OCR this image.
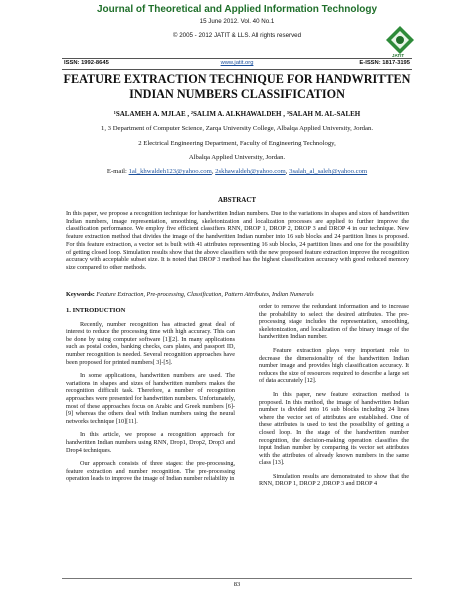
Journal of Theoretical and Applied Information Technology
15 June 2012. Vol. 40 No.1
© 2005 - 2012 JATIT & LLS. All rights reserved
JATIT
ISSN: 1992-8645	www.jatit.org	E-ISSN: 1817-3195
FEATURE EXTRACTION TECHNIQUE FOR HANDWRITTEN
INDIAN NUMBERS CLASSIFICATION
¹SALAMEH A. MJLAE , ²SALIM A. ALKHAWALDEH , ³SALAH M. AL-SALEH
1, 3 Department of Computer Science, Zarqa University College, Albalqa Applied University, Jordan.
2 Electrical Engineering Department, Faculty of Engineering Technology,
Albalqa Applied University, Jordan.
E-mail: 1al_khwaldeh123@yahoo.com, 2skhawaldeh@yahoo.com, 3salah_al_saleh@yahoo.com
ABSTRACT
In this paper, we propose a recognition technique for handwritten Indian numbers. Due to the variations in shapes and sizes of handwritten Indian numbers, image representation, smoothing, skeletonization and localization processes are applied to further improve the classification performance. We employ five efficient classifiers RNN, DROP 1, DROP 2, DROP 3 and DROP 4 in our technique. New feature extraction method that divides the image of the handwritten Indian number into 16 sub blocks and 24 partition lines is proposed. For this feature extraction, a vector set is built with 41 attributes representing 16 sub blocks, 24 partition lines and one for the possibility of getting closed loop. Simulation results show that the above classifiers with the new proposed feature extraction improve the recognition accuracy with acceptable subset size. It is noted that DROP 3 method has the highest classification accuracy with good reduced memory size compared to other methods.
Keywords: Feature Extraction, Pre-processing, Classification, Pattern Attributes, Indian Numerals
1. INTRODUCTION

Recently, number recognition has attracted great deal of interest to reduce the processing time with high accuracy. This can be done by using computer software [1][2]. In many applications such as postal codes, banking checks, cars plates, and passport ID, number recognition is needed. Several recognition approaches have been proposed for printed numbers[ 3]-[5].

In some applications, handwritten numbers are used. The variations in shapes and sizes of handwritten numbers makes the recognition difficult task. Therefore, a number of recognition approaches were presented for handwritten numbers. Unfortunately, most of these approaches focus on Arabic and Greek numbers [6]-[9] whereas the others deal with Indian numbers using the neural networks technique [10][11].

In this article, we propose a recognition approach for handwritten Indian numbers using RNN, Drop1, Drop2, Drop3 and Drop4 techniques.

Our approach consists of three stages: the pre-processing, feature extraction and number recognition. The pre-processing operation leads to improve the image of Indian number reliability in

order to remove the redundant information and to increase the probability to select the desired attributes. The pre-processing stage includes the representation, smoothing, skeletonization, and localization of the binary image of the handwritten Indian number.

Feature extraction plays very important role to decrease the dimensionality of the handwritten Indian number image and provides high classification accuracy. It reduces the size of resources required to describe a large set of data accurately [12].

In this paper, new feature extraction method is proposed. In this method, the image of handwritten Indian number is divided into 16 sub blocks including 24 lines where the vector set of attributes are established. One of these attributes is used to test the possibility of getting a closed loop. In the stage of the handwritten number recognition, the decision-making operation classifies the input Indian number by comparing its vector set attributes with the attributes of already known numbers in the same class [13].

Simulation results are demonstrated to show that the RNN, DROP 1, DROP 2 ,DROP 3 and DROP 4

83
